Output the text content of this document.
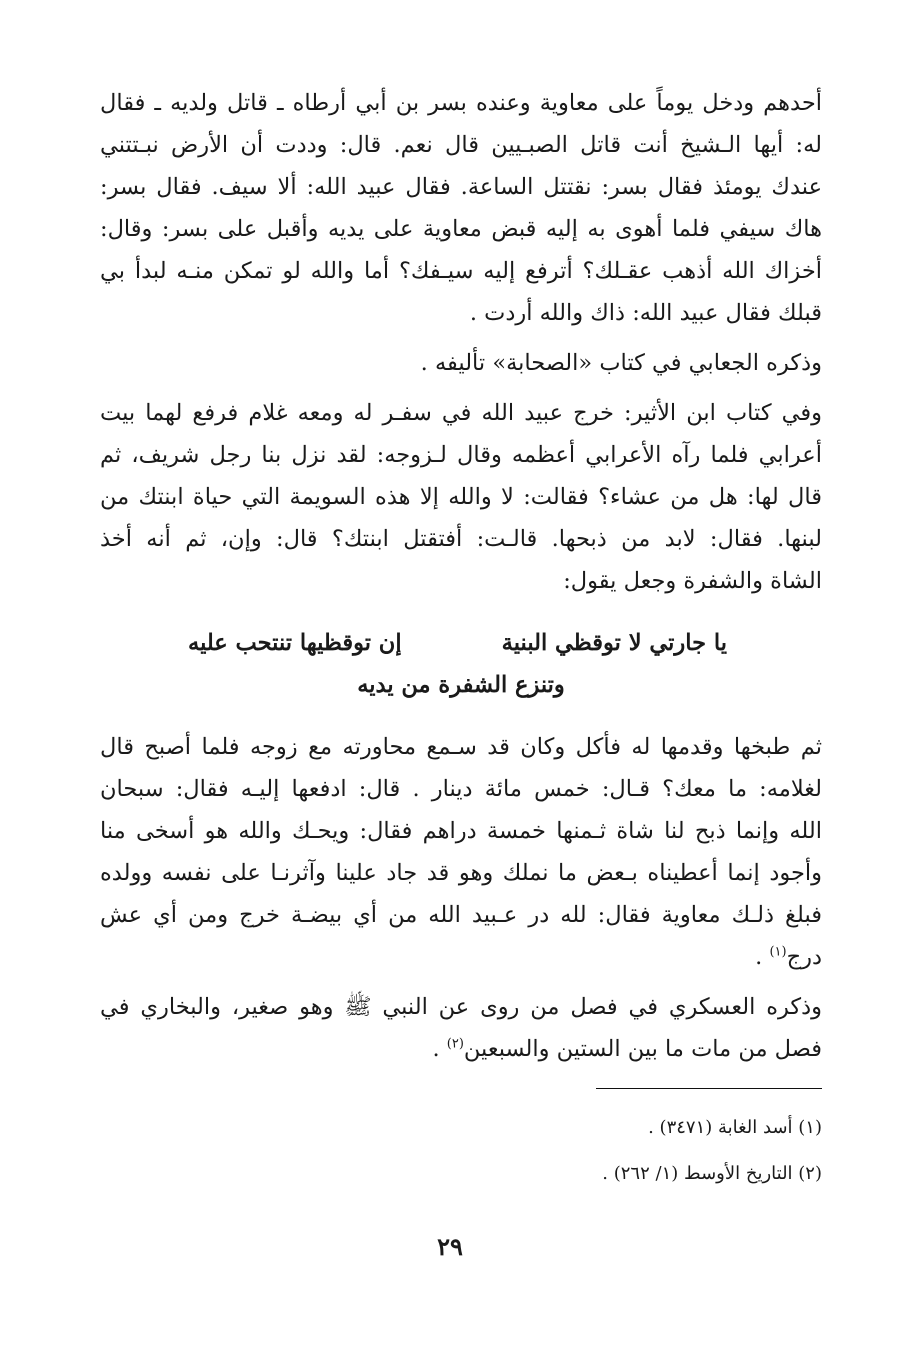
أحدهم ودخل يوماً على معاوية وعنده بسر بن أبي أرطاه ـ قاتل ولديه ـ فقال
له: أيها الـشيخ أنت قاتل الصبـيين قال نعم. قال: وددت أن الأرض نبـتتني
عندك يومئذ فقال بسر: نقتتل الساعة. فقال عبيد الله: ألا سيف. فقال بسر:
هاك سيفي فلما أهوى به إليه قبض معاوية على يديه وأقبل على بسر: وقال:
أخزاك الله أذهب عقـلك؟ أترفع إليه سيـفك؟ أما والله لو تمكن منـه لبدأ بي
قبلك فقال عبيد الله: ذاك والله أردت .
وذكره الجعابي في كتاب «الصحابة» تأليفه .
وفي كتاب ابن الأثير: خرج عبيد الله في سفـر له ومعه غلام فرفع لهما بيت
أعرابي فلما رآه الأعرابي أعظمه وقال لـزوجه: لقد نزل بنا رجل شريف، ثم
قال لها: هل من عشاء؟ فقالت: لا والله إلا هذه السويمة التي حياة ابنتك من
لبنها. فقال: لابد من ذبحها. قالـت: أفتقتل ابنتك؟ قال: وإن، ثم أنه أخذ
الشاة والشفرة وجعل يقول:
يا جارتي لا توقظي البنية
إن توقظيها تنتحب عليه
وتنزع الشفرة من يديه
ثم طبخها وقدمها له فأكل وكان قد سـمع محاورته مع زوجه فلما أصبح قال
لغلامه: ما معك؟ قـال: خمس مائة دينار . قال: ادفعها إليـه فقال: سبحان
الله وإنما ذبح لنا شاة ثـمنها خمسة دراهم فقال: ويحـك والله هو أسخى منا
وأجود إنما أعطيناه بـعض ما نملك وهو قد جاد علينا وآثرنـا على نفسه وولده
فبلغ ذلـك معاوية فقال: لله در عـبيد الله من أي بيضـة خرج ومن أي عش
درج$^{(١)}$ .
وذكره العسكري في فصل من روى عن النبي ﷺ وهو صغير، والبخاري في
فصل من مات ما بين الستين والسبعين$^{(٢)}$ .
(١) أسد الغابة (٣٤٧١) .
(٢) التاريخ الأوسط (١/ ٢٦٢) .
٢٩
